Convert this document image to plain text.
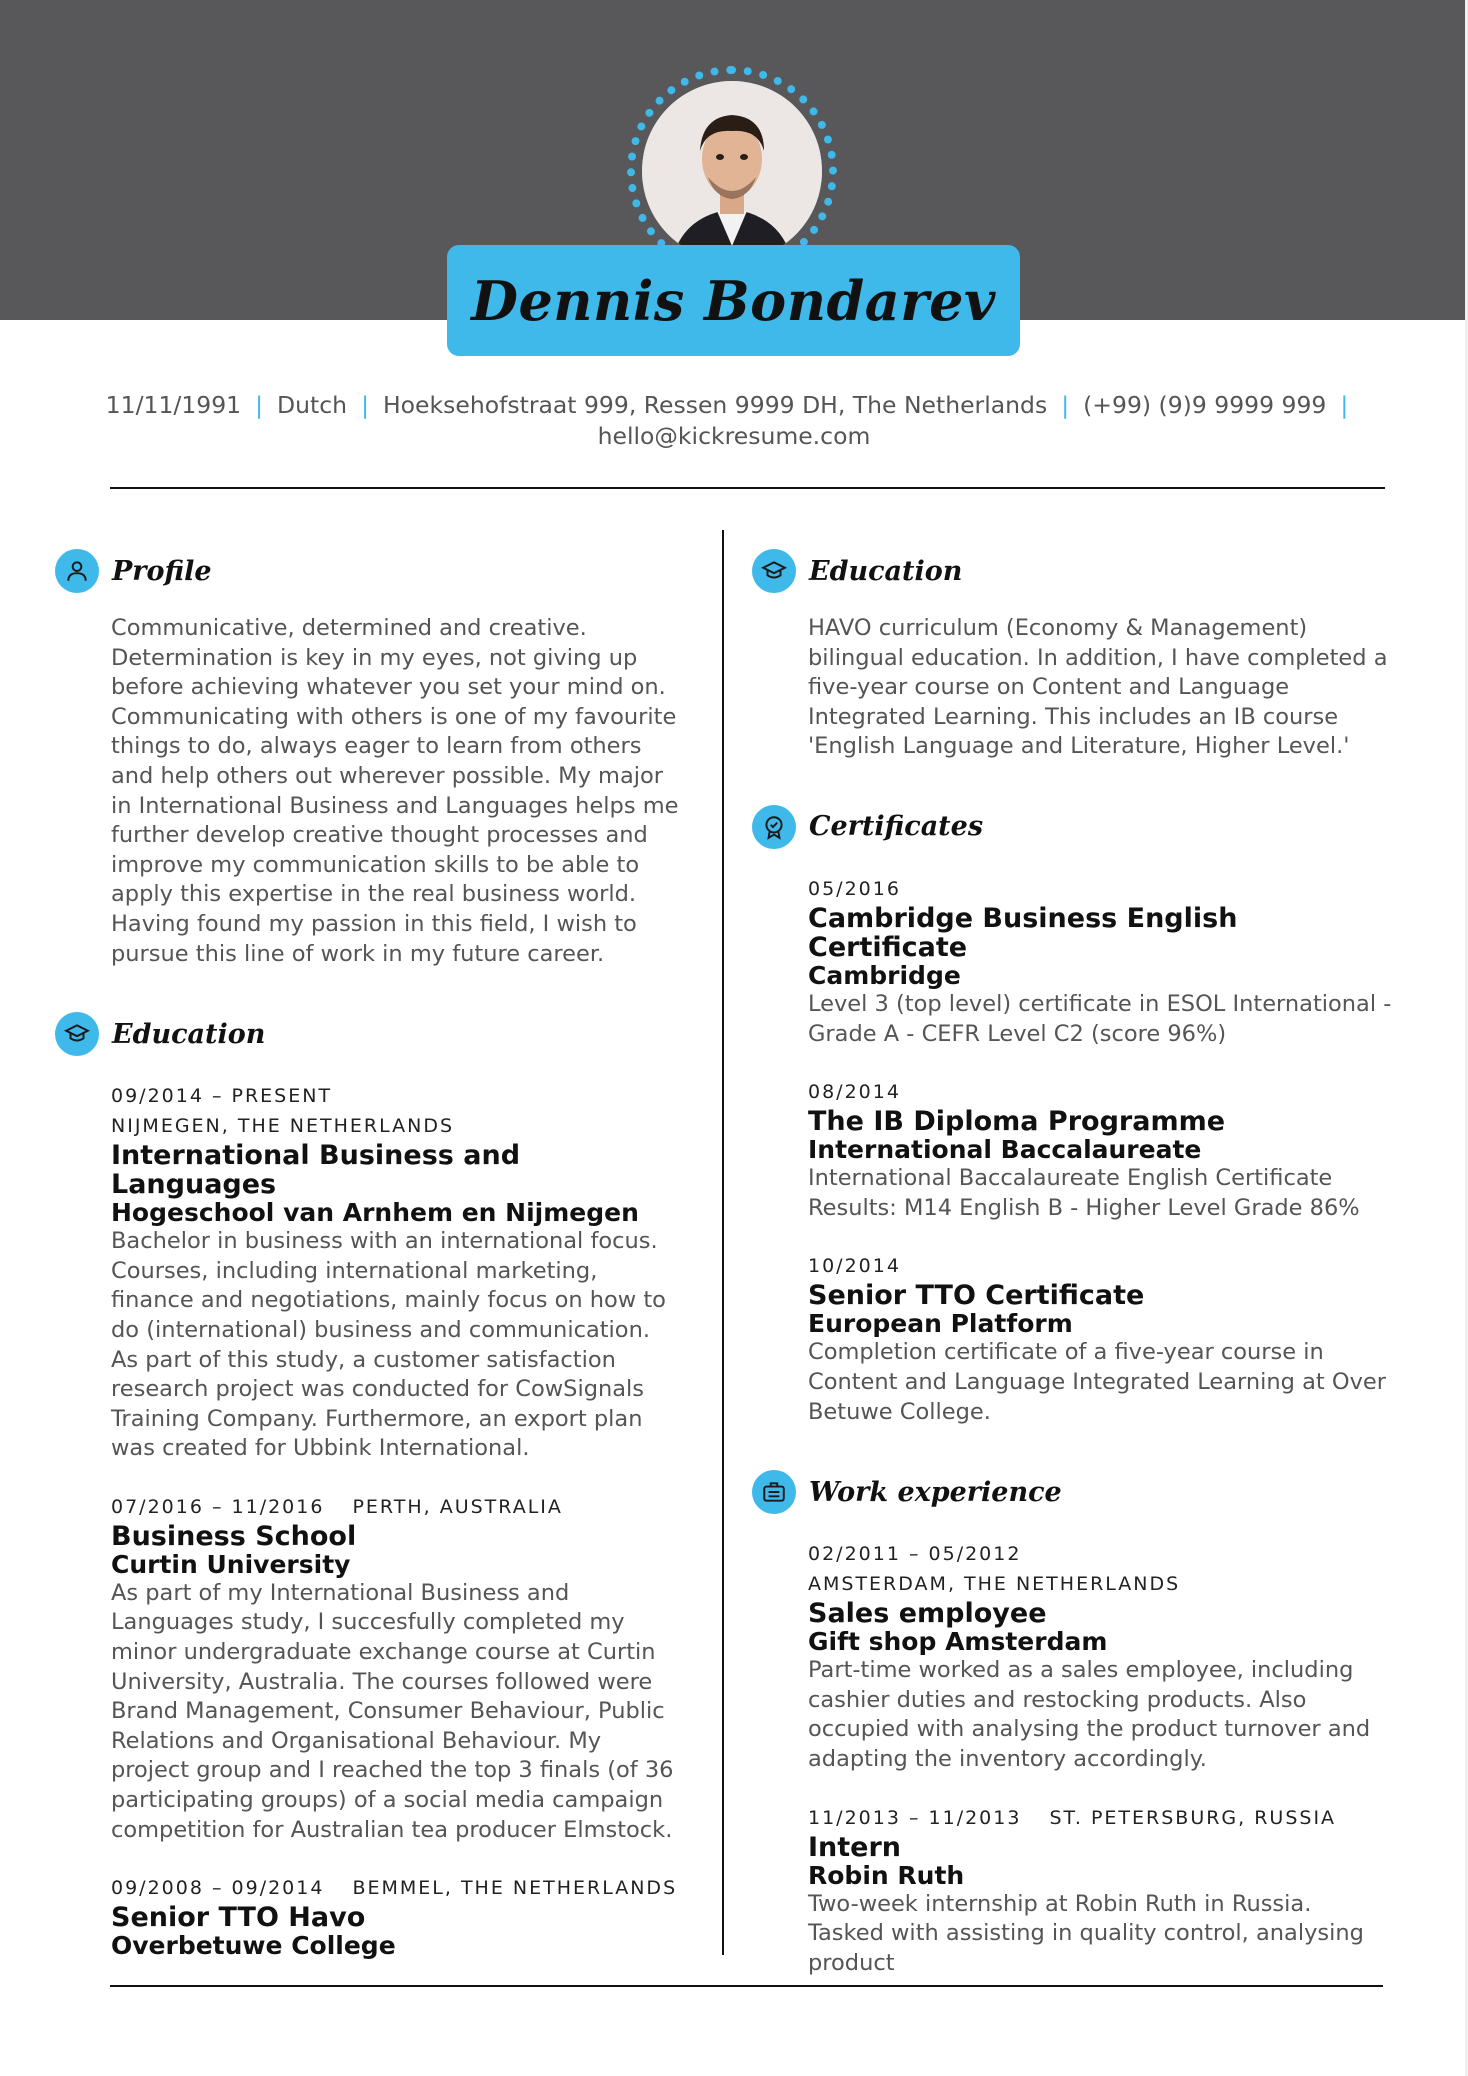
Dennis Bondarev
11/11/1991 | Dutch | Hoeksehofstraat 999, Ressen 9999 DH, The Netherlands | (+99) (9)9 9999 999 |
hello@kickresume.com
Profile

Communicative, determined and creative. Determination is key in my eyes, not giving up before achieving whatever you set your mind on. Communicating with others is one of my favourite things to do, always eager to learn from others and help others out wherever possible. My major in International Business and Languages helps me further develop creative thought processes and improve my communication skills to be able to apply this expertise in the real business world. Having found my passion in this field, I wish to pursue this line of work in my future career.

Education
09/2014 – PRESENT
NIJMEGEN, THE NETHERLANDS
International Business and Languages
Hogeschool van Arnhem en Nijmegen

Bachelor in business with an international focus. Courses, including international marketing, finance and negotiations, mainly focus on how to do (international) business and communication. As part of this study, a customer satisfaction research project was conducted for CowSignals Training Company. Furthermore, an export plan was created for Ubbink International.

07/2016 – 11/2016 PERTH, AUSTRALIA
Business School
Curtin University

As part of my International Business and Languages study, I succesfully completed my minor undergraduate exchange course at Curtin University, Australia. The courses followed were Brand Management, Consumer Behaviour, Public Relations and Organisational Behaviour. My project group and I reached the top 3 finals (of 36 participating groups) of a social media campaign competition for Australian tea producer Elmstock.

09/2008 – 09/2014 BEMMEL, THE NETHERLANDS
Senior TTO Havo
Overbetuwe College
Education

HAVO curriculum (Economy & Management) bilingual education. In addition, I have completed a five-year course on Content and Language Integrated Learning. This includes an IB course 'English Language and Literature, Higher Level.'

Certificates
05/2016
Cambridge Business English Certificate
Cambridge

Level 3 (top level) certificate in ESOL International - Grade A - CEFR Level C2 (score 96%)

08/2014
The IB Diploma Programme
International Baccalaureate

International Baccalaureate English Certificate Results: M14 English B - Higher Level Grade 86%

10/2014
Senior TTO Certificate
European Platform

Completion certificate of a five-year course in Content and Language Integrated Learning at Over Betuwe College.

Work experience
02/2011 – 05/2012
AMSTERDAM, THE NETHERLANDS
Sales employee
Gift shop Amsterdam

Part-time worked as a sales employee, including cashier duties and restocking products. Also occupied with analysing the product turnover and adapting the inventory accordingly.

11/2013 – 11/2013 ST. PETERSBURG, RUSSIA
Intern
Robin Ruth

Two-week internship at Robin Ruth in Russia. Tasked with assisting in quality control, analysing product
